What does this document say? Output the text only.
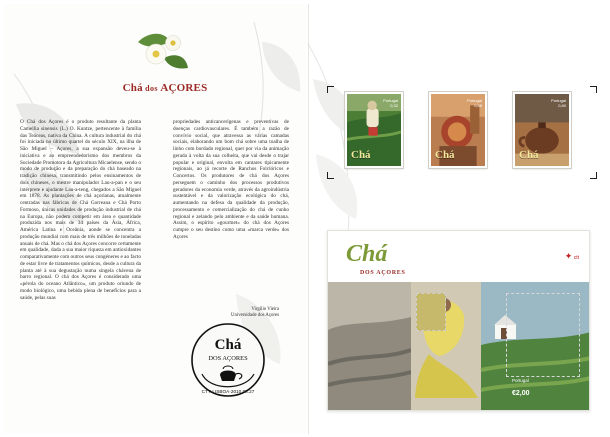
Chá dos AÇORES
O Chá dos Açores é o produto resultante da planta Camellia sinensis (L.) O. Kuntze, pertencente à família das Teáceas, nativa da China. A cultura industrial do chá foi iniciada no último quartel do século XIX, na ilha de São Miguel – Açores, a sua expansão deveu-se à iniciativa e ao empreendedorismo dos membros da Sociedade Promotora da Agricultura Micaelense, sendo o modo de produção e da preparação do chá baseado na tradição chinesa, transmitindo pelos ensinamentos de dois chineses, o mestre manipulador Lau-a-pan e o seu intérprete e ajudante Lau-a-teng, chegados a São Miguel em 1878. As plantações de chá açorianas, atualmente centradas nas fábricas de Chá Gorreana e Chá Porto Formoso, únicas unidades de produção industrial de chá na Europa, não podem competir em área e quantidade produzida nos mais de 34 países da Ásia, África, América Latina e Oceânia, aonde se concentra a produção mundial com mais de três milhões de toneladas anuais de chá. Mas o chá dos Açores concorre certamente em qualidade, dada a sua maior riqueza em antioxidantes comparativamente com outros seus congéneres e ao facto de estar livre de tratamentos químicos, desde a cultura da planta até à sua degustação numa singela chávena de barro regional. O chá dos Açores é considerado uma «pérola do oceano Atlântico», um produto oriundo de modo biológico, uma bebida plena de benefícios para a saúde, pelas suas
propriedades anticancerígenas e preventivas de doenças cardiovasculares. É também a razão de convívio social, que atravessa as várias camadas sociais, elaborando um bom chá sobre uma toalha de linho com bordado regional, quer por via da animação gerada à volta da sua colheita, que vai desde o trajar popular e original, envolta em cantares tipicamente regionais, ao já recorte de Ranchos Folclóricos e Concertos. Os produtores de chá dos Açores perseguem o caminho dos processos produtivos geradores da economia verde, através da agroindústria sustentável e da valorização ecológica do chá, aumentando na defesa da qualidade da produção, processamento e comercialização do chá de cunho regional e zelando pelo ambiente e da saúde humana. Assim, o espírito «gourmet» do chá dos Açores cumpre o seu destino como uma «marca verde» dos Açores
Virgílio Vieira
Universidade dos Açores
Chá
DOS AÇORES
CTT·LISBOA·2010.08.27
Portugal
0,32
Chá
Portugal
0,68
Chá
Portugal
0,80
Chá
Chá
DOS AÇORES
✦ ctt
Portugal
€2,00
